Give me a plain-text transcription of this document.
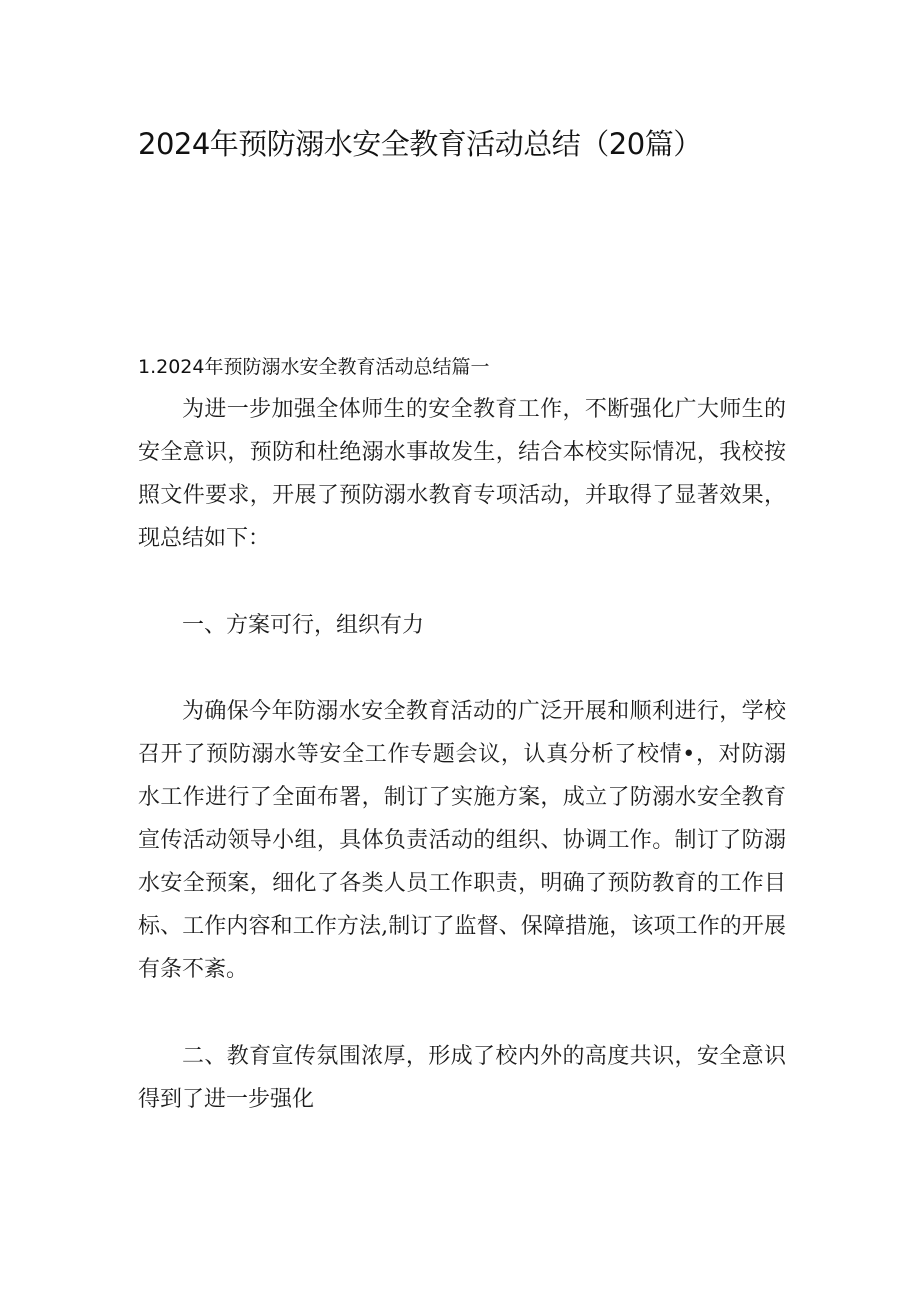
2024年预防溺水安全教育活动总结（20篇）
1.2024年预防溺水安全教育活动总结篇一

为进一步加强全体师生的安全教育工作，不断强化广大师生的安全意识，预防和杜绝溺水事故发生，结合本校实际情况，我校按照文件要求，开展了预防溺水教育专项活动，并取得了显著效果，现总结如下：

一、方案可行，组织有力

为确保今年防溺水安全教育活动的广泛开展和顺利进行，学校召开了预防溺水等安全工作专题会议，认真分析了校情•，对防溺水工作进行了全面布署，制订了实施方案，成立了防溺水安全教育宣传活动领导小组，具体负责活动的组织、协调工作。制订了防溺水安全预案，细化了各类人员工作职责，明确了预防教育的工作目标、工作内容和工作方法,制订了监督、保障措施，该项工作的开展有条不紊。

二、教育宣传氛围浓厚，形成了校内外的高度共识，安全意识得到了进一步强化
